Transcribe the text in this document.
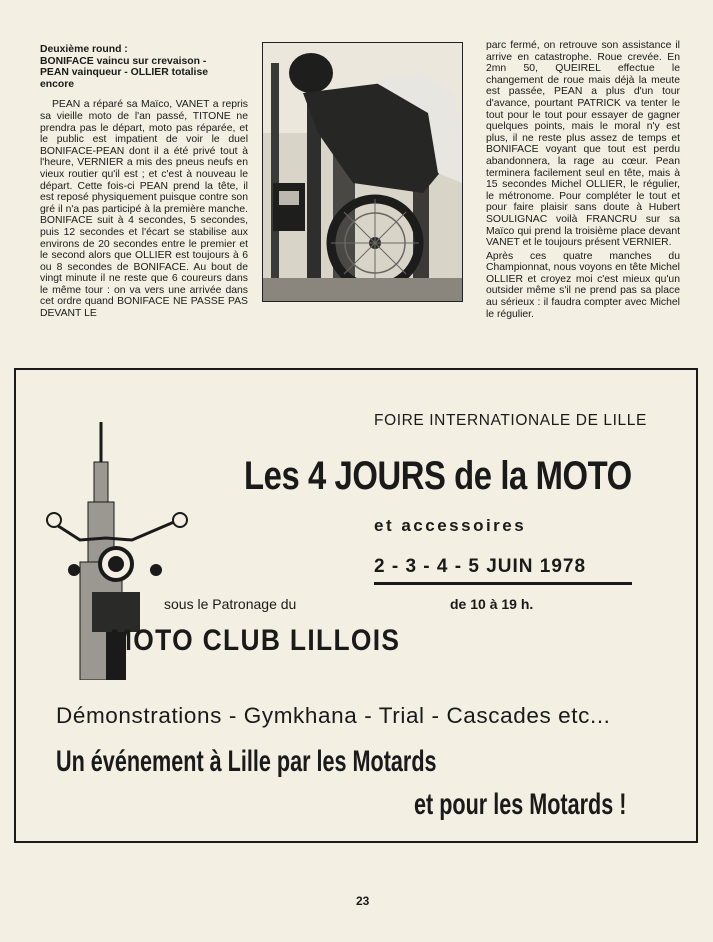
Deuxième round :
BONIFACE vaincu sur crevaison -
PEAN vainqueur - OLLIER totalise
encore

PEAN a réparé sa Maïco, VANET a repris sa vieille moto de l'an passé, TITONE ne prendra pas le départ, moto pas réparée, et le public est impatient de voir le duel BONIFACE-PEAN dont il a été privé tout à l'heure, VERNIER a mis des pneus neufs en vieux routier qu'il est ; et c'est à nouveau le départ. Cette fois-ci PEAN prend la tête, il est reposé physiquement puisque contre son gré il n'a pas participé à la première manche. BONIFACE suit à 4 secondes, 5 secondes, puis 12 secondes et l'écart se stabilise aux environs de 20 secondes entre le premier et le second alors que OLLIER est toujours à 6 ou 8 secondes de BONIFACE. Au bout de vingt minute il ne reste que 6 coureurs dans le même tour : on va vers une arrivée dans cet ordre quand BONIFACE NE PASSE PAS DEVANT LE

parc fermé, on retrouve son assistance il arrive en catastrophe. Roue crevée. En 2mn 50, QUEIREL effectue le changement de roue mais déjà la meute est passée, PEAN a plus d'un tour d'avance, pourtant PATRICK va tenter le tout pour le tout pour essayer de gagner quelques points, mais le moral n'y est plus, il ne reste plus assez de temps et BONIFACE voyant que tout est perdu abandonnera, la rage au cœur. Pean terminera facilement seul en tête, mais à 15 secondes Michel OLLIER, le régulier, le métronome. Pour compléter le tout et pour faire plaisir sans doute à Hubert SOULIGNAC voilà FRANCRU sur sa Maïco qui prend la troisième place devant VANET et le toujours présent VERNIER.

Après ces quatre manches du Championnat, nous voyons en tête Michel OLLIER et croyez moi c'est mieux qu'un outsider même s'il ne prend pas sa place au sérieux : il faudra compter avec Michel le régulier.

FOIRE INTERNATIONALE DE LILLE
Les 4 JOURS de la MOTO
et accessoires
2 - 3 - 4 - 5 JUIN 1978
de 10 à 19 h.
sous le Patronage du
MOTO CLUB LILLOIS
Démonstrations - Gymkhana - Trial - Cascades etc...
Un événement à Lille par les Motards
et pour les Motards !
23
